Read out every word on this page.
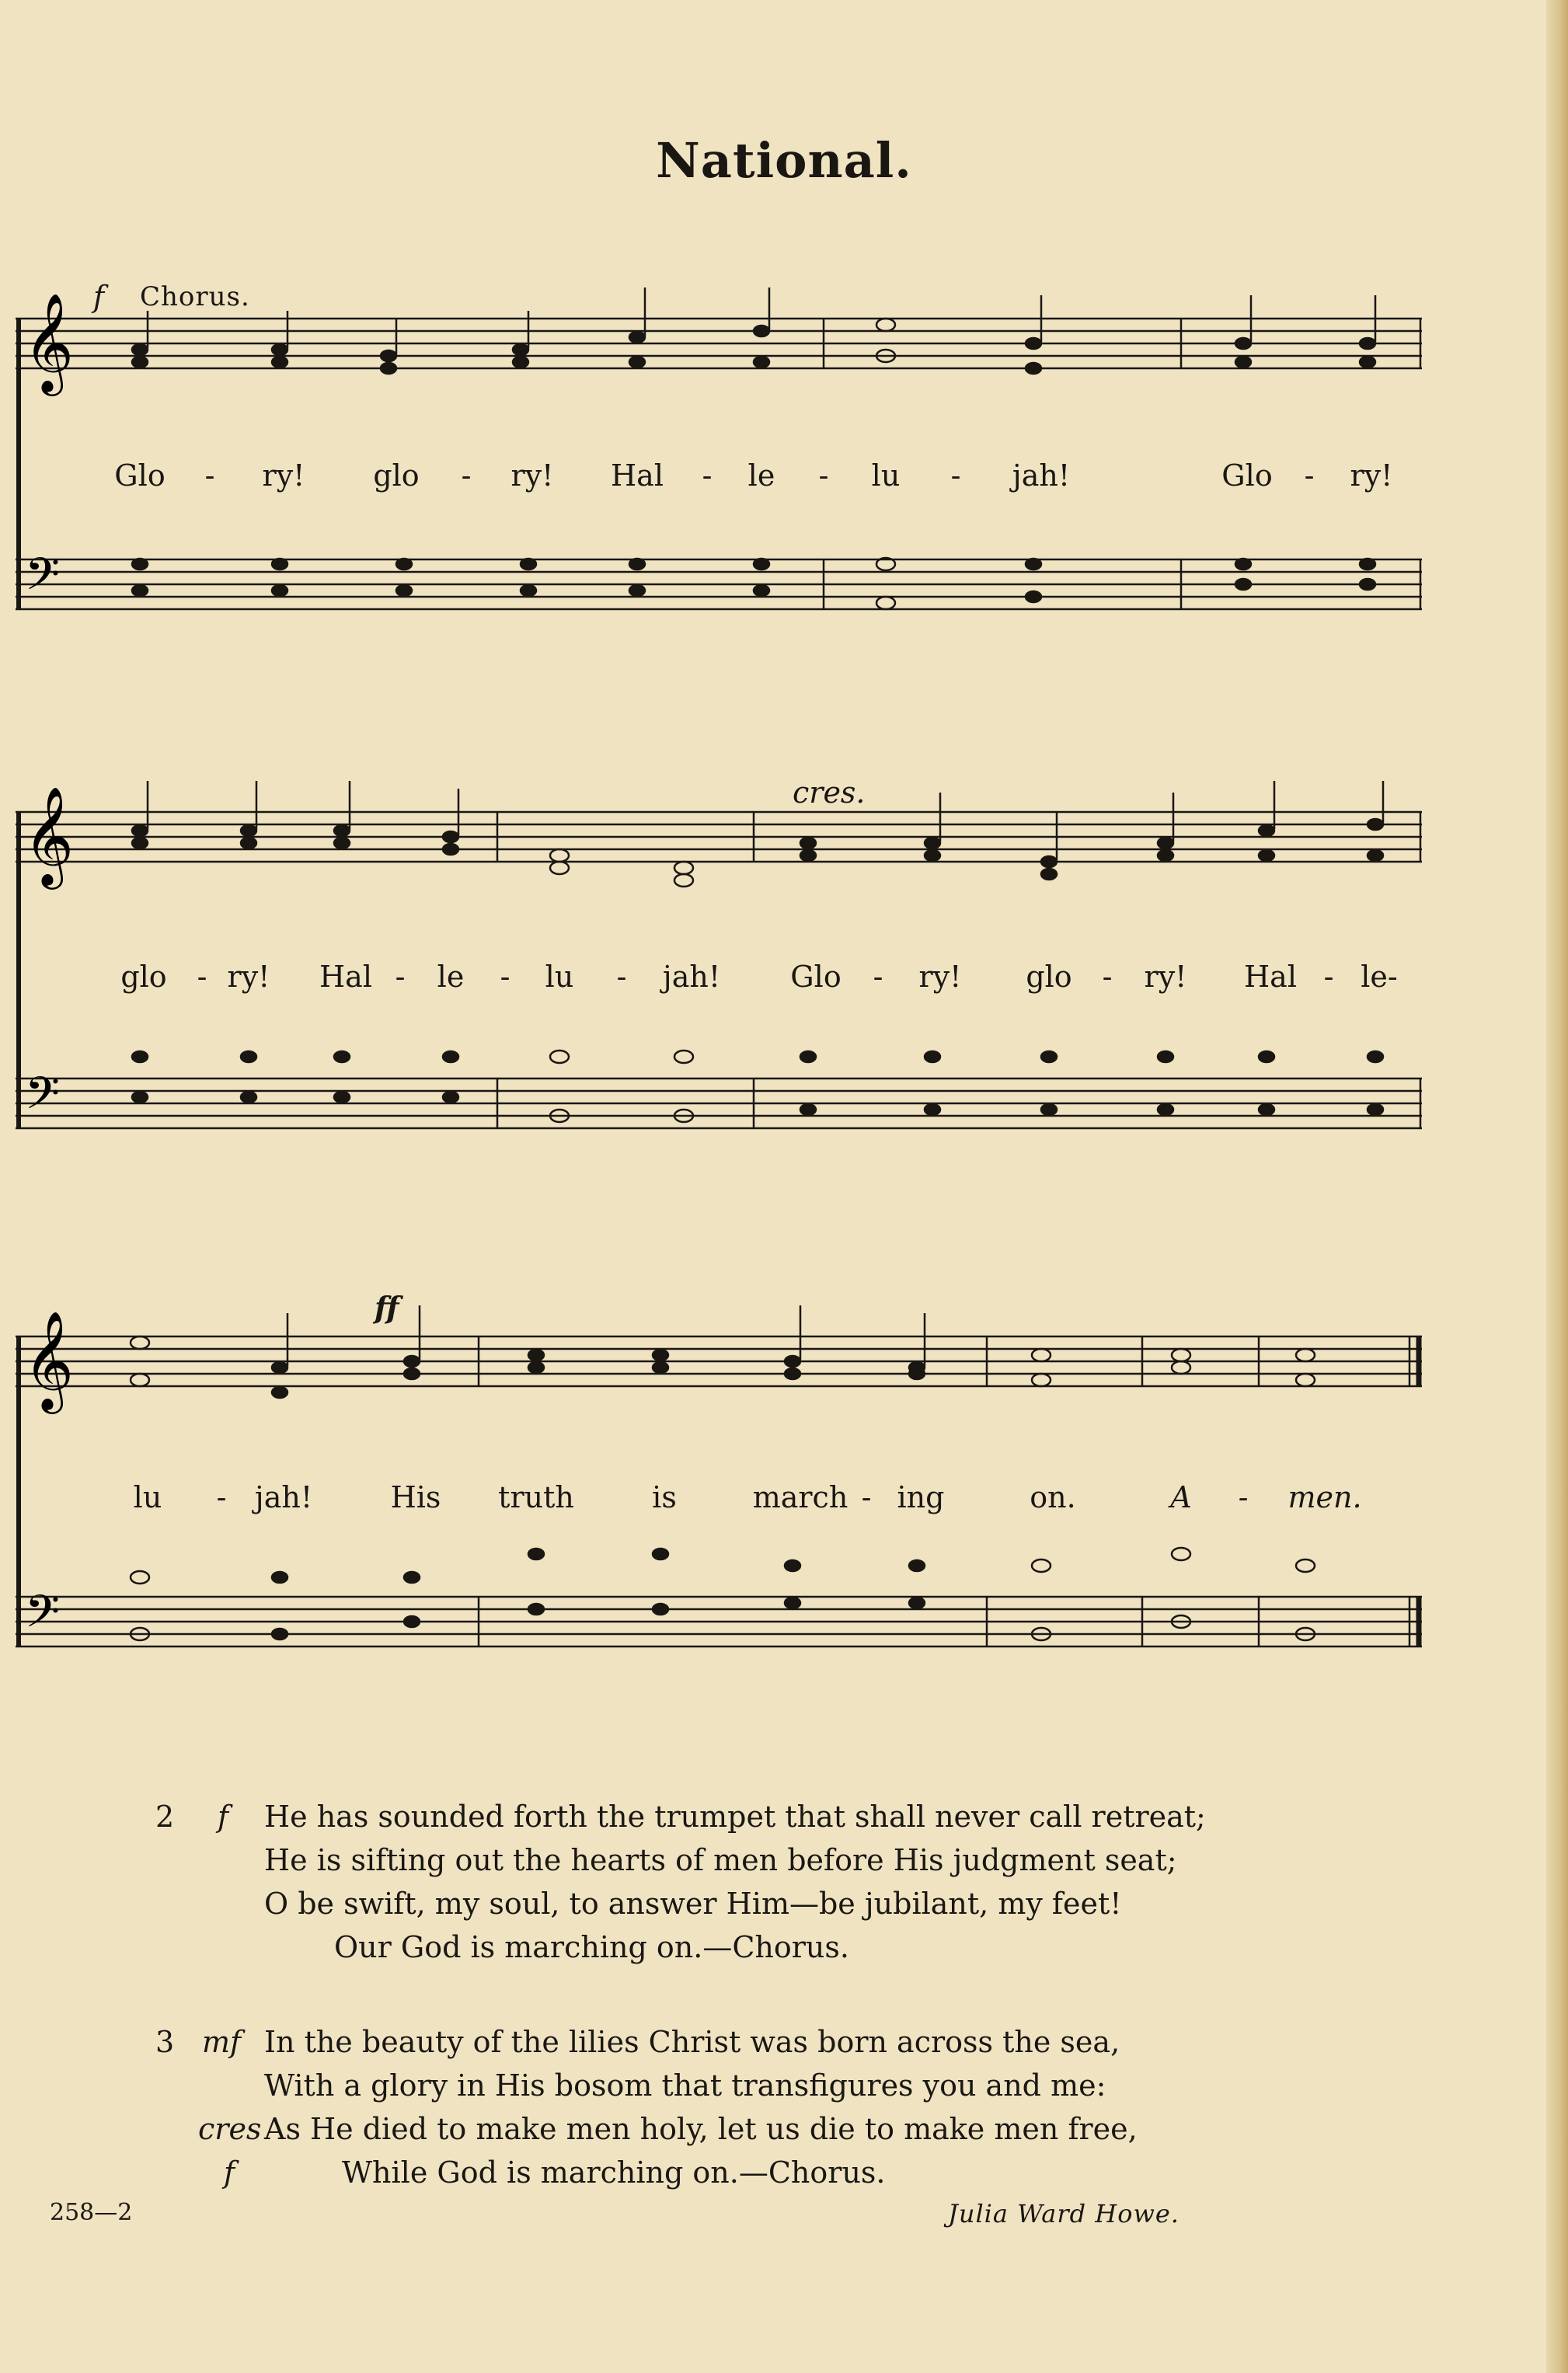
National.
f Chorus.
𝄞
𝄢
Glo - ry! glo - ry! Hal - le - lu - jah!	Glo - ry!
cres.
𝄞
𝄢
glo - ry! Hal - le - lu - jah! Glo - ry! glo - ry! Hal - le-
ff
𝄞
𝄢
lu - jah!	His truth	is	march - ing	on.	A - men.
2 f He has sounded forth the trumpet that shall never call retreat;
He is sifting out the hearts of men before His judgment seat;
O be swift, my soul, to answer Him—be jubilant, my feet!
Our God is marching on.—Chorus.
3 mf In the beauty of the lilies Christ was born across the sea,
With a glory in His bosom that transfigures you and me:
cres As He died to make men holy, let us die to make men free,
f	While God is marching on.—Chorus.
258—2	Julia Ward Howe.
